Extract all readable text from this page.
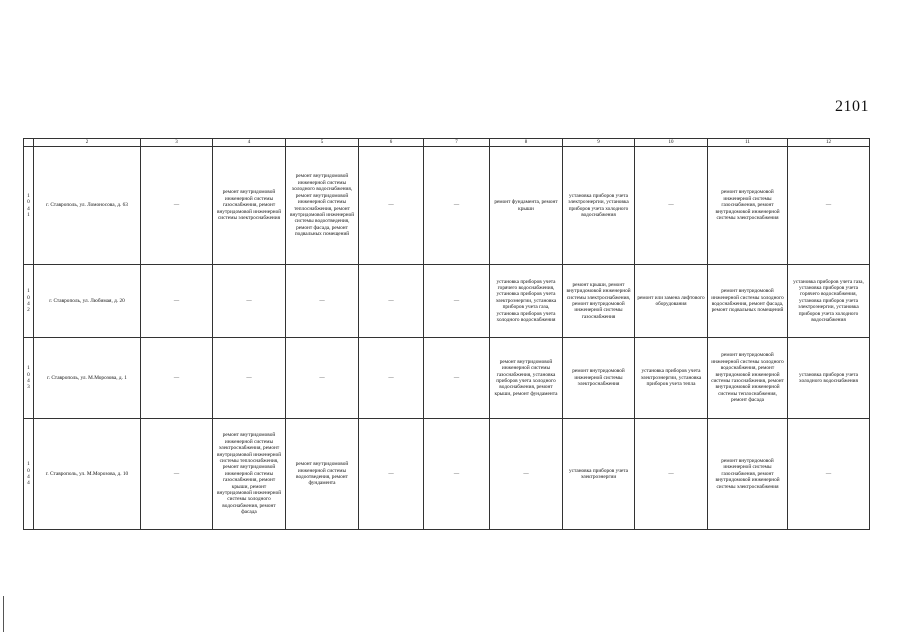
2101
	2	3	4	5	6	7	8	9	10	11	12
1041	г. Ставрополь, ул. Ломоносова, д. 63	—	ремонт внутридомовой инженерной системы газоснабжения, ремонт внутридомовой инженерной системы электроснабжения	ремонт внутридомовой инженерной системы холодного водоснабжения, ремонт внутридомовой инженерной системы теплоснабжения, ремонт внутридомовой инженерной системы водоотведения, ремонт фасада, ремонт подвальных помещений	—	—	ремонт фундамента, ремонт крыши	установка приборов учета электроэнергии, установка приборов учета холодного водоснабжения	—	ремонт внутридомовой инженерной системы газоснабжения, ремонт внутридомовой инженерной системы электроснабжения	—
1042	г. Ставрополь, ул. Любимая, д. 20	—	—	—	—	—	установка приборов учета горячего водоснабжения, установка приборов учета электроэнергии, установка приборов учета газа, установка приборов учета холодного водоснабжения	ремонт крыши, ремонт внутридомовой инженерной системы электроснабжения, ремонт внутридомовой инженерной системы газоснабжения	ремонт или замена лифтового оборудования	ремонт внутридомовой инженерной системы холодного водоснабжения, ремонт фасада, ремонт подвальных помещений	установка приборов учета газа, установка приборов учета горячего водоснабжения, установка приборов учета электроэнергии, установка приборов учета холодного водоснабжения
1043	г. Ставрополь, ул. М.Морозова, д. 1	—	—	—	—	—	ремонт внутридомовой инженерной системы газоснабжения, установка приборов учета холодного водоснабжения, ремонт крыши, ремонт фундамента	ремонт внутридомовой инженерной системы электроснабжения	установка приборов учета электроэнергии, установка приборов учета тепла	ремонт внутридомовой инженерной системы холодного водоснабжения, ремонт внутридомовой инженерной системы газоснабжения, ремонт внутридомовой инженерной системы теплоснабжения, ремонт фасада	установка приборов учета холодного водоснабжения
1044	г. Ставрополь, ул. М.Морозова, д. 10	—	ремонт внутридомовой инженерной системы электроснабжения, ремонт внутридомовой инженерной системы теплоснабжения, ремонт внутридомовой инженерной системы газоснабжения, ремонт крыши, ремонт внутридомовой инженерной системы холодного водоснабжения, ремонт фасада	ремонт внутридомовой инженерной системы водоотведения, ремонт фундамента	—	—	—	установка приборов учета электроэнергии	—	ремонт внутридомовой инженерной системы газоснабжения, ремонт внутридомовой инженерной системы электроснабжения	—
